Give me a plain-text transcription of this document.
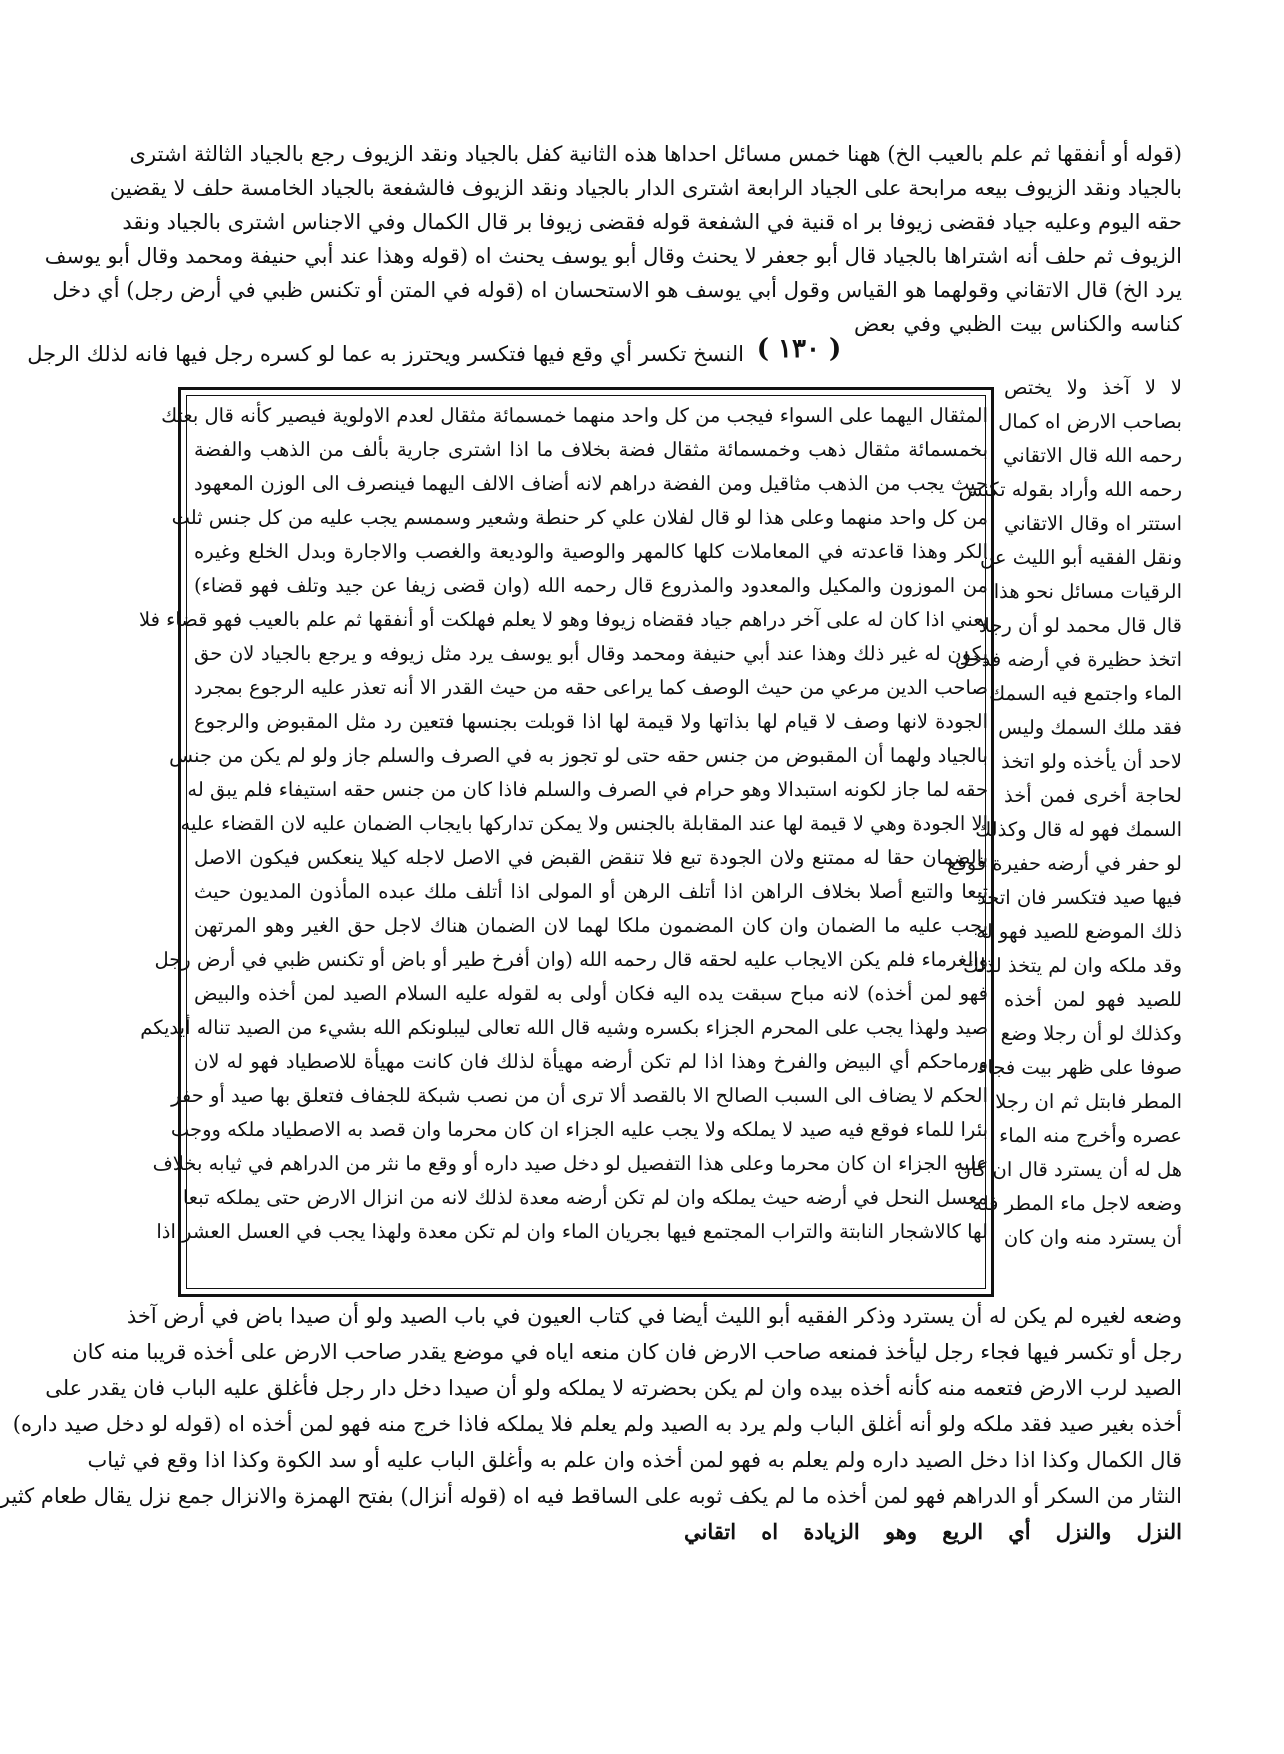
( ١٣٠ )
(قوله أو أنفقها ثم علم بالعيب الخ) ههنا خمس مسائل احداها هذه الثانية كفل بالجياد ونقد الزيوف رجع بالجياد الثالثة اشترى
بالجياد ونقد الزيوف بيعه مرابحة على الجياد الرابعة اشترى الدار بالجياد ونقد الزيوف فالشفعة بالجياد الخامسة حلف لا يقضين
حقه اليوم وعليه جياد فقضى زيوفا بر اه قنية في الشفعة قوله فقضى زيوفا بر قال الكمال وفي الاجناس اشترى بالجياد ونقد
الزيوف ثم حلف أنه اشتراها بالجياد قال أبو جعفر لا يحنث وقال أبو يوسف يحنث اه (قوله وهذا عند أبي حنيفة ومحمد وقال أبو يوسف
يرد الخ) قال الاتقاني وقولهما هو القياس وقول أبي يوسف هو الاستحسان اه (قوله في المتن أو تكنس ظبي في أرض رجل) أي دخل
كناسه والكناس بيت الظبي وفي بعض
النسخ تكسر أي وقع فيها فتكسر ويحترز به عما لو كسره رجل فيها فانه لذلك الرجل
لا لا آخذ ولا يختص
بصاحب الارض اه كمال
رحمه الله قال الاتقاني
رحمه الله وأراد بقوله تكنس
استتر اه وقال الاتقاني
ونقل الفقيه أبو الليث عن
الرقيات مسائل نحو هذا
قال قال محمد لو أن رجلا
اتخذ حظيرة في أرضه فدخل
الماء واجتمع فيه السمك
فقد ملك السمك وليس
لاحد أن يأخذه ولو اتخذ
لحاجة أخرى فمن أخذ
السمك فهو له قال وكذلك
لو حفر في أرضه حفيرة فوقع
فيها صيد فتكسر فان اتخذ
ذلك الموضع للصيد فهو له
وقد ملكه وان لم يتخذ لذلك
للصيد فهو لمن أخذه
وكذلك لو أن رجلا وضع
صوفا على ظهر بيت فجاء
المطر فابتل ثم ان رجلا
عصره وأخرج منه الماء
هل له أن يسترد قال ان كان
وضعه لاجل ماء المطر فله
أن يسترد منه وان كان
المثقال اليهما على السواء فيجب من كل واحد منهما خمسمائة مثقال لعدم الاولوية فيصير كأنه قال بعتك
بخمسمائة مثقال ذهب وخمسمائة مثقال فضة بخلاف ما اذا اشترى جارية بألف من الذهب والفضة
حيث يجب من الذهب مثاقيل ومن الفضة دراهم لانه أضاف الالف اليهما فينصرف الى الوزن المعهود
من كل واحد منهما وعلى هذا لو قال لفلان علي كر حنطة وشعير وسمسم يجب عليه من كل جنس ثلث
الكر وهذا قاعدته في المعاملات كلها كالمهر والوصية والوديعة والغصب والاجارة وبدل الخلع وغيره
من الموزون والمكيل والمعدود والمذروع قال رحمه الله (وان قضى زيفا عن جيد وتلف فهو قضاء)
يعني اذا كان له على آخر دراهم جياد فقضاه زيوفا وهو لا يعلم فهلكت أو أنفقها ثم علم بالعيب فهو قضاء فلا
يكون له غير ذلك وهذا عند أبي حنيفة ومحمد وقال أبو يوسف يرد مثل زيوفه و يرجع بالجياد لان حق
صاحب الدين مرعي من حيث الوصف كما يراعى حقه من حيث القدر الا أنه تعذر عليه الرجوع بمجرد
الجودة لانها وصف لا قيام لها بذاتها ولا قيمة لها اذا قوبلت بجنسها فتعين رد مثل المقبوض والرجوع
بالجياد ولهما أن المقبوض من جنس حقه حتى لو تجوز به في الصرف والسلم جاز ولو لم يكن من جنس
حقه لما جاز لكونه استبدالا وهو حرام في الصرف والسلم فاذا كان من جنس حقه استيفاء فلم يبق له
الا الجودة وهي لا قيمة لها عند المقابلة بالجنس ولا يمكن تداركها بايجاب الضمان عليه لان القضاء عليه
بالضمان حقا له ممتنع ولان الجودة تبع فلا تنقض القبض في الاصل لاجله كيلا ينعكس فيكون الاصل
تبعا والتبع أصلا بخلاف الراهن اذا أتلف الرهن أو المولى اذا أتلف ملك عبده المأذون المديون حيث
يجب عليه ما الضمان وان كان المضمون ملكا لهما لان الضمان هناك لاجل حق الغير وهو المرتهن
والغرماء فلم يكن الايجاب عليه لحقه قال رحمه الله (وان أفرخ طير أو باض أو تكنس ظبي في أرض رجل
فهو لمن أخذه) لانه مباح سبقت يده اليه فكان أولى به لقوله عليه السلام الصيد لمن أخذه والبيض
صيد ولهذا يجب على المحرم الجزاء بكسره وشيه قال الله تعالى ليبلونكم الله بشيء من الصيد تناله أيديكم
ورماحكم أي البيض والفرخ وهذا اذا لم تكن أرضه مهيأة لذلك فان كانت مهيأة للاصطياد فهو له لان
الحكم لا يضاف الى السبب الصالح الا بالقصد ألا ترى أن من نصب شبكة للجفاف فتعلق بها صيد أو حفر
بئرا للماء فوقع فيه صيد لا يملكه ولا يجب عليه الجزاء ان كان محرما وان قصد به الاصطياد ملكه ووجب
عليه الجزاء ان كان محرما وعلى هذا التفصيل لو دخل صيد داره أو وقع ما نثر من الدراهم في ثيابه بخلاف
معسل النحل في أرضه حيث يملكه وان لم تكن أرضه معدة لذلك لانه من انزال الارض حتى يملكه تبعا
لها كالاشجار النابتة والتراب المجتمع فيها بجريان الماء وان لم تكن معدة ولهذا يجب في العسل العشر اذا
وضعه لغيره لم يكن له أن يسترد وذكر الفقيه أبو الليث أيضا في كتاب العيون في باب الصيد ولو أن صيدا باض في أرض آخذ
رجل أو تكسر فيها فجاء رجل ليأخذ فمنعه صاحب الارض فان كان منعه اياه في موضع يقدر صاحب الارض على أخذه قريبا منه كان
الصيد لرب الارض فتعمه منه كأنه أخذه بيده وان لم يكن بحضرته لا يملكه ولو أن صيدا دخل دار رجل فأغلق عليه الباب فان يقدر على
أخذه بغير صيد فقد ملكه ولو أنه أغلق الباب ولم يرد به الصيد ولم يعلم فلا يملكه فاذا خرج منه فهو لمن أخذه اه (قوله لو دخل صيد داره)
قال الكمال وكذا اذا دخل الصيد داره ولم يعلم به فهو لمن أخذه وان علم به وأغلق الباب عليه أو سد الكوة وكذا اذا وقع في ثياب
النثار من السكر أو الدراهم فهو لمن أخذه ما لم يكف ثوبه على الساقط فيه اه (قوله أنزال) بفتح الهمزة والانزال جمع نزل يقال طعام كثير
النزل والنزل أي الريع وهو الزيادة اه اتقاني
